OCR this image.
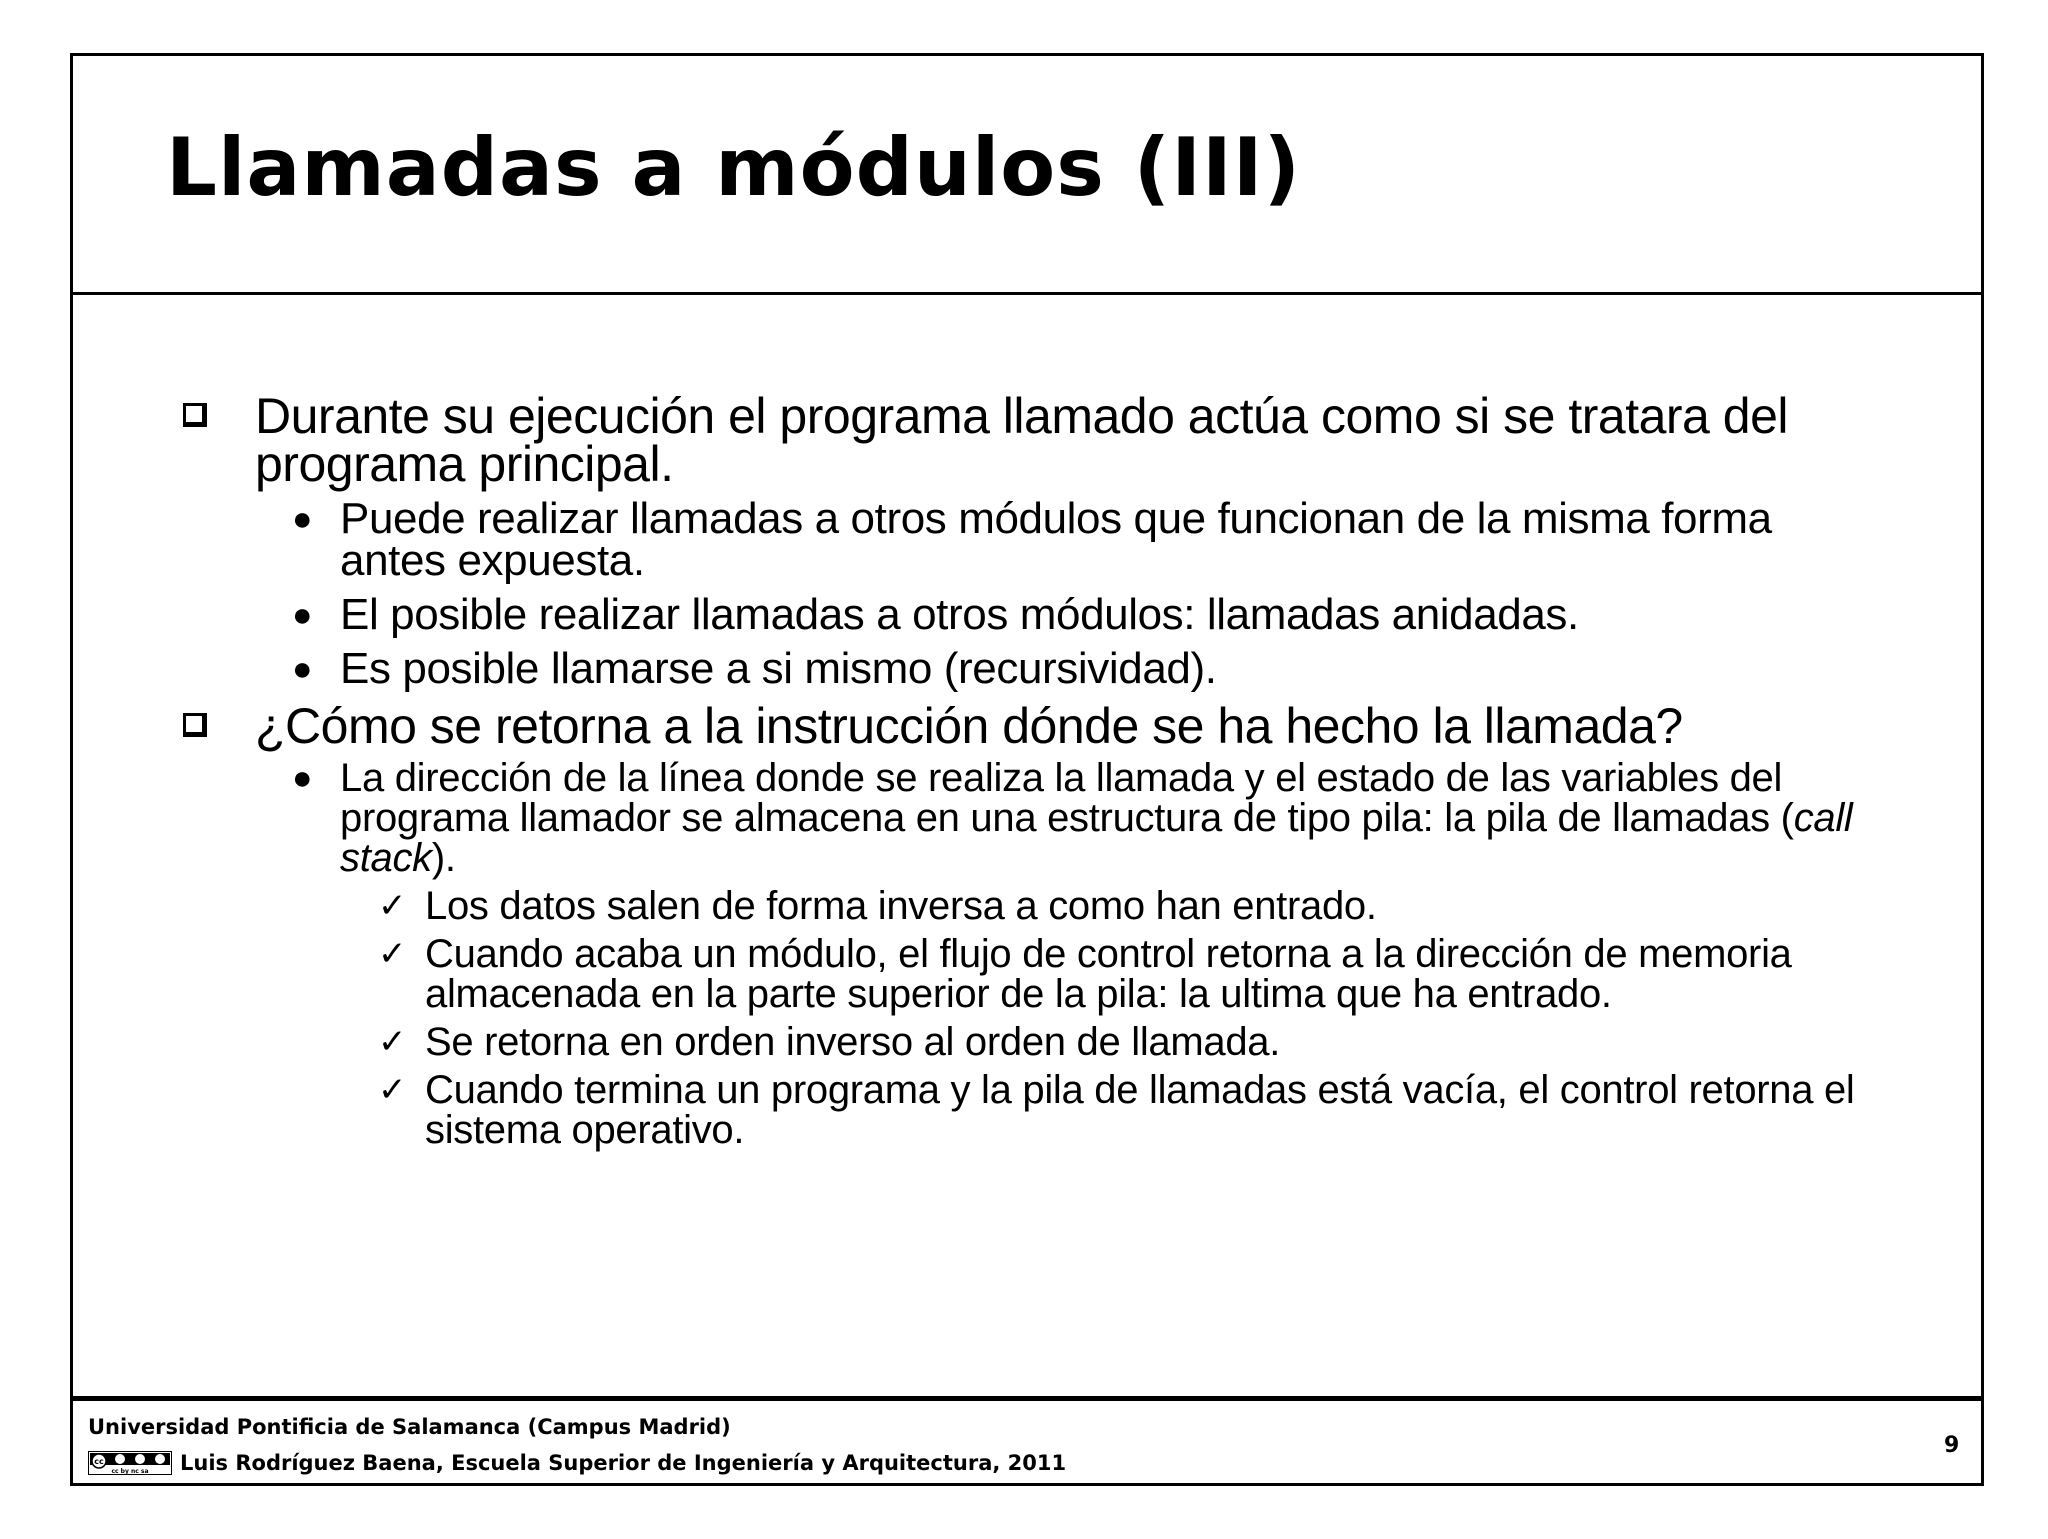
Llamadas a módulos (III)
Durante su ejecución el programa llamado actúa como si se tratara del programa principal.
● Puede realizar llamadas a otros módulos que funcionan de la misma forma antes expuesta.
● El posible realizar llamadas a otros módulos: llamadas anidadas.
● Es posible llamarse a si mismo (recursividad).
¿Cómo se retorna a la instrucción dónde se ha hecho la llamada?
● La dirección de la línea donde se realiza la llamada y el estado de las variables del programa llamador se almacena en una estructura de tipo pila: la pila de llamadas (call stack).
✓ Los datos salen de forma inversa a como han entrado.
✓ Cuando acaba un módulo, el flujo de control retorna a la dirección de memoria almacenada en la parte superior de la pila: la ultima que ha entrado.
✓ Se retorna en orden inverso al orden de llamada.
✓ Cuando termina un programa y la pila de llamadas está vacía, el control retorna el sistema operativo.
Universidad Pontificia de Salamanca (Campus Madrid)
cc
cc by nc sa Luis Rodríguez Baena, Escuela Superior de Ingeniería y Arquitectura, 2011
9
